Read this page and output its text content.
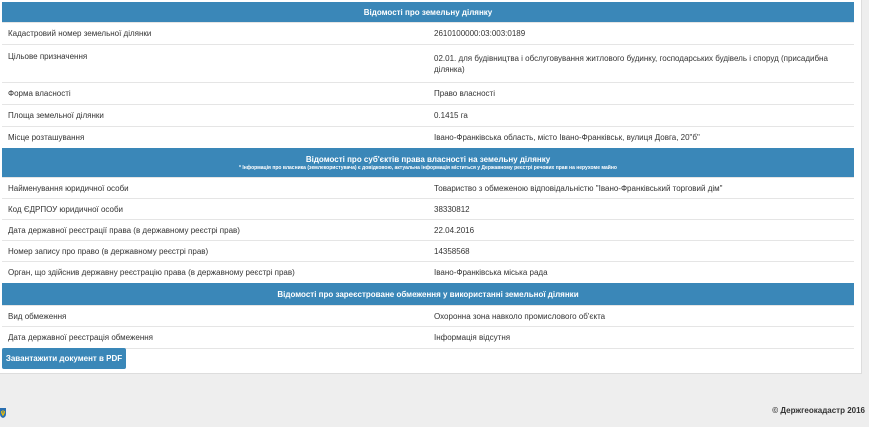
Відомості про земельну ділянку	
Кадастровий номер земельної ділянки	2610100000:03:003:0189
Цільове призначення	02.01. для будівництва і обслуговування житлового будинку, господарських будівель і споруд (присадибна ділянка)
Форма власності	Право власності
Площа земельної ділянки	0.1415 га
Місце розташування	Івано-Франківська область, місто Івано-Франківськ, вулиця Довга, 20"б"

Відомості про суб'єктів права власності на земельну ділянку
* Інформація про власника (землекористувача) є довідковою, актуальна інформація міститься у Державному реєстрі речових прав на нерухоме майно	

Найменування юридичної особи	Товариство з обмеженою відповідальністю "Івано-Франківський торговий дім"
Код ЄДРПОУ юридичної особи	38330812
Дата державної реєстрації права (в державному реєстрі прав)	22.04.2016
Номер запису про право (в державному реєстрі прав)	14358568
Орган, що здійснив державну реєстрацію права (в державному реєстрі прав)	Івано-Франківська міська рада
Відомості про зареєстроване обмеження у використанні земельної ділянки	
Вид обмеження	Охоронна зона навколо промислового об'єкта
Дата державної реєстрація обмеження	Інформація відсутня
Завантажити документ в PDF
© Держгеокадастр 2016
